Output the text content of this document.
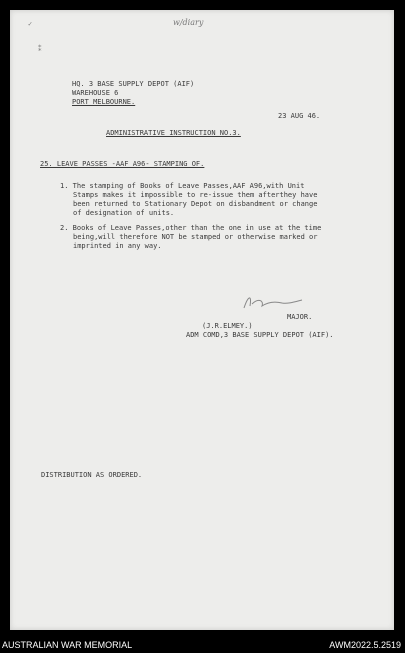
w/diary
✓
⁑
HQ. 3 BASE SUPPLY DEPOT (AIF)
WAREHOUSE 6
PORT MELBOURNE.
23 AUG 46.
ADMINISTRATIVE INSTRUCTION NO.3.
25. LEAVE PASSES -AAF A96- STAMPING OF.
1. The stamping of Books of Leave Passes,AAF A96,with Unit
Stamps makes it impossible to re-issue them afterthey have
been returned to Stationary Depot on disbandment or change
of designation of units.
2. Books of Leave Passes,other than the one in use at the time
being,will therefore NOT be stamped or otherwise marked or
imprinted in any way.
MAJOR.
(J.R.ELMEY.)
ADM COMD,3 BASE SUPPLY DEPOT (AIF).
DISTRIBUTION AS ORDERED.
AUSTRALIAN WAR MEMORIAL	AWM2022.5.2519
